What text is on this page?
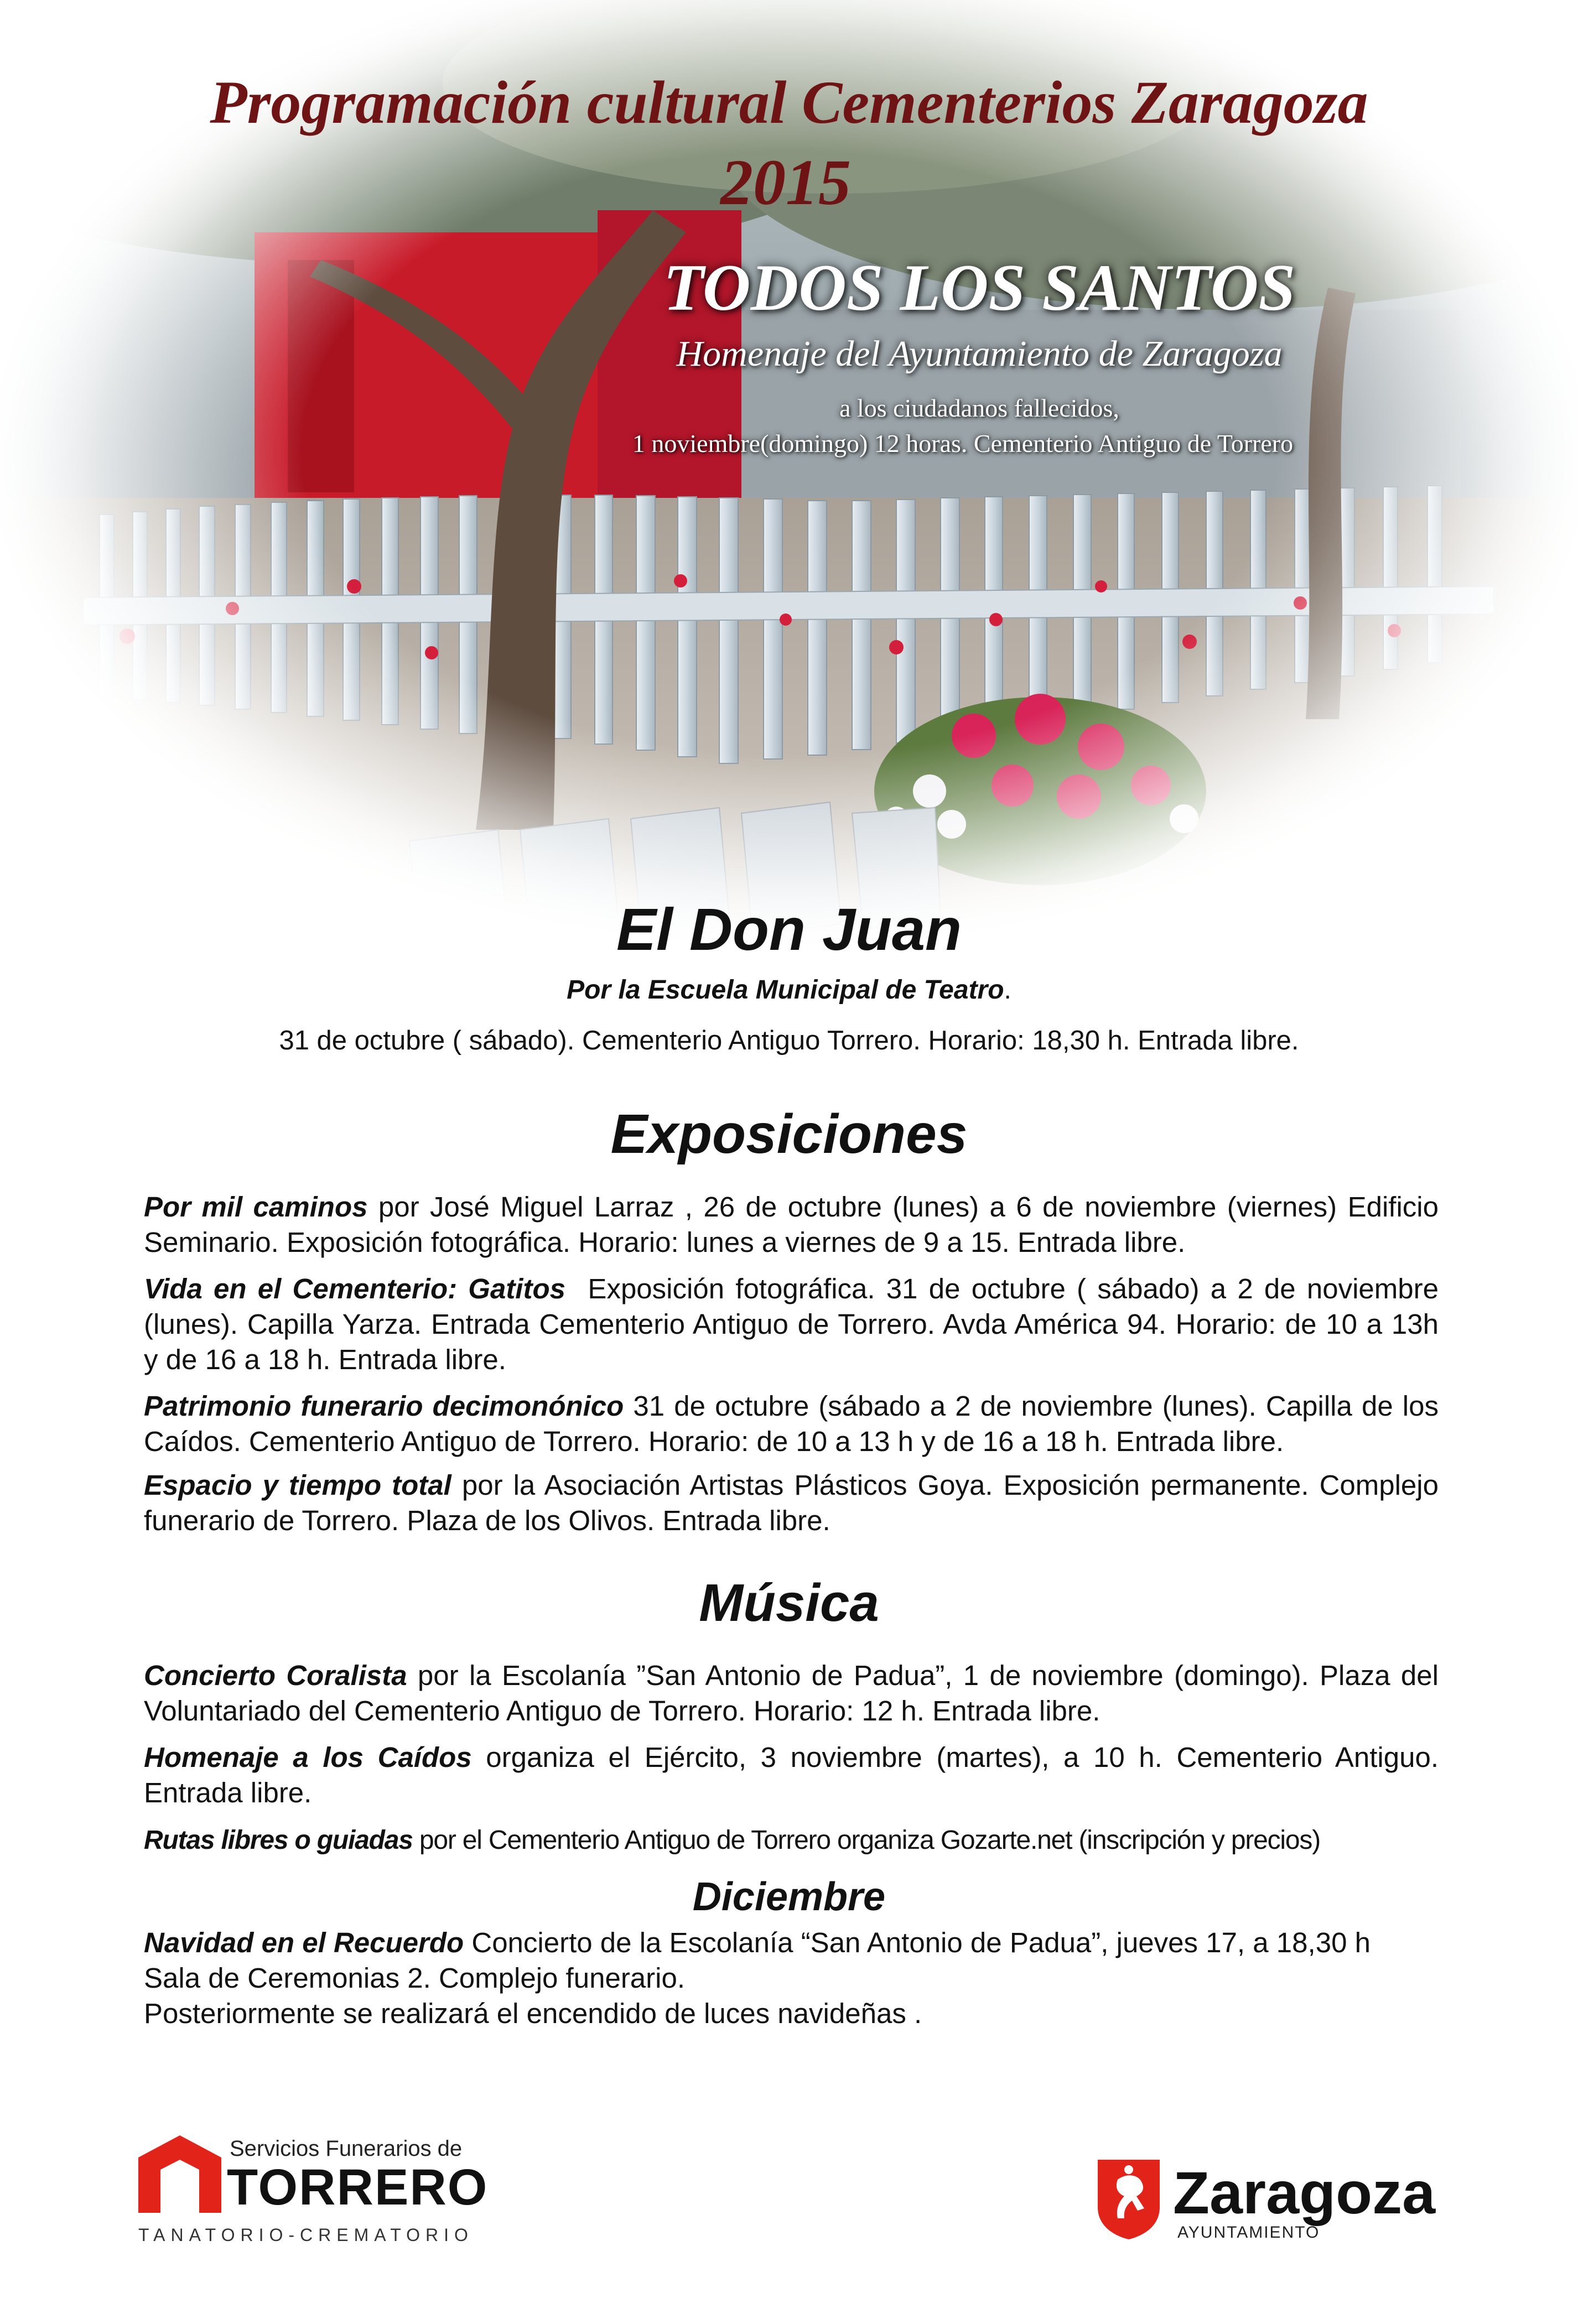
Programación cultural Cementerios Zaragoza
2015
TODOS LOS SANTOS
Homenaje del Ayuntamiento de Zaragoza
a los ciudadanos fallecidos,
1 noviembre(domingo) 12 horas. Cementerio Antiguo de Torrero
El Don Juan
Por la Escuela Municipal de Teatro.
31 de octubre ( sábado). Cementerio Antiguo Torrero. Horario: 18,30 h. Entrada libre.
Exposiciones

Por mil caminos por José Miguel Larraz , 26 de octubre (lunes) a 6 de noviembre (viernes) Edificio Seminario. Exposición fotográfica. Horario: lunes a viernes de 9 a 15. Entrada libre.

Vida en el Cementerio: Gatitos  Exposición fotográfica. 31 de octubre ( sábado) a 2 de noviembre (lunes). Capilla Yarza. Entrada Cementerio Antiguo de Torrero. Avda América 94. Horario: de 10 a 13h y de 16 a 18 h. Entrada libre.

Patrimonio funerario decimonónico 31 de octubre (sábado a 2 de noviembre (lunes). Capilla de los Caídos. Cementerio Antiguo de Torrero. Horario: de 10 a 13 h y de 16 a 18 h. Entrada libre.

Espacio y tiempo total por la Asociación Artistas Plásticos Goya. Exposición permanente. Complejo funerario de Torrero. Plaza de los Olivos. Entrada libre.

Música

Concierto Coralista por la Escolanía ”San Antonio de Padua”, 1 de noviembre (domingo). Plaza del Voluntariado del Cementerio Antiguo de Torrero. Horario: 12 h. Entrada libre.

Homenaje a los Caídos organiza el Ejército, 3 noviembre (martes), a 10 h. Cementerio Antiguo. Entrada libre.

Rutas libres o guiadas por el Cementerio Antiguo de Torrero organiza Gozarte.net (inscripción y precios)

Diciembre

Navidad en el Recuerdo Concierto de la Escolanía “San Antonio de Padua”, jueves 17, a 18,30 h
Sala de Ceremonias 2. Complejo funerario.
Posteriormente se realizará el encendido de luces navideñas .

Servicios Funerarios de
TORRERO
TANATORIO-CREMATORIO
Zaragoza
AYUNTAMIENTO
